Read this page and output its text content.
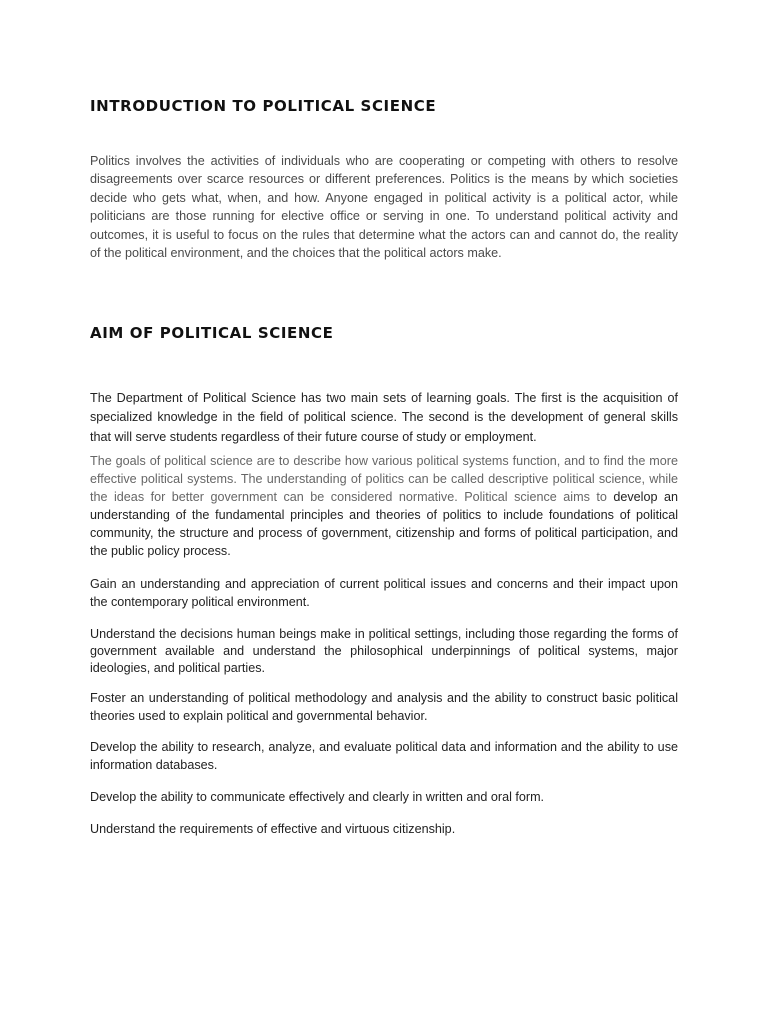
INTRODUCTION TO POLITICAL SCIENCE

Politics involves the activities of individuals who are cooperating or competing with others to resolve disagreements over scarce resources or different preferences. Politics is the means by which societies decide who gets what, when, and how. Anyone engaged in political activity is a political actor, while politicians are those running for elective office or serving in one. To understand political activity and outcomes, it is useful to focus on the rules that determine what the actors can and cannot do, the reality of the political environment, and the choices that the political actors make.

AIM OF POLITICAL SCIENCE

The Department of Political Science has two main sets of learning goals. The first is the acquisition of specialized knowledge in the field of political science. The second is the development of general skills that will serve students regardless of their future course of study or employment.

The goals of political science are to describe how various political systems function, and to find the more effective political systems. The understanding of politics can be called descriptive political science, while the ideas for better government can be considered normative. Political science aims to develop an understanding of the fundamental principles and theories of politics to include foundations of political community, the structure and process of government, citizenship and forms of political participation, and the public policy process.

Gain an understanding and appreciation of current political issues and concerns and their impact upon the contemporary political environment.

Understand the decisions human beings make in political settings, including those regarding the forms of government available and understand the philosophical underpinnings of political systems, major ideologies, and political parties.

Foster an understanding of political methodology and analysis and the ability to construct basic political theories used to explain political and governmental behavior.

Develop the ability to research, analyze, and evaluate political data and information and the ability to use information databases.

Develop the ability to communicate effectively and clearly in written and oral form.

Understand the requirements of effective and virtuous citizenship.
